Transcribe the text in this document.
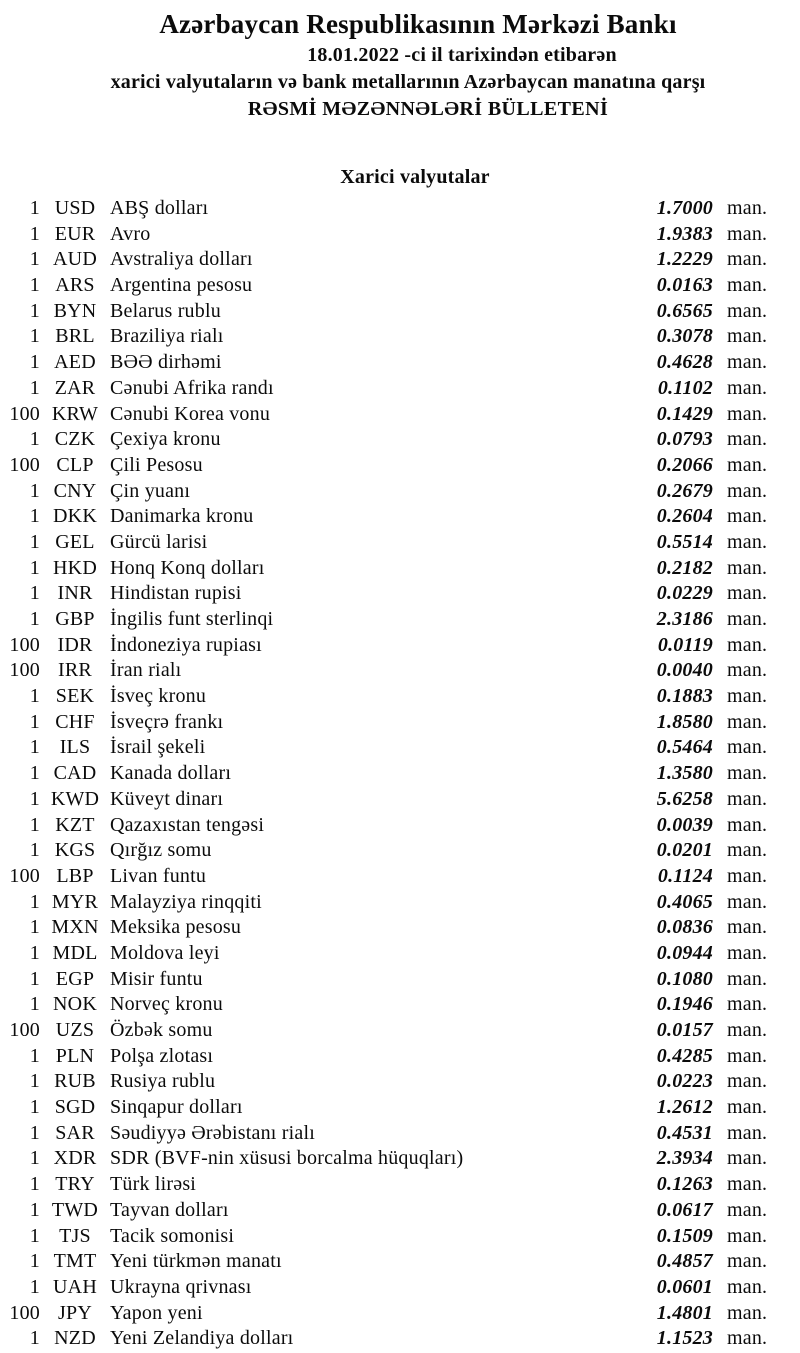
Azərbaycan Respublikasının Mərkəzi Bankı
18.01.2022 -ci il tarixindən etibarən
xarici valyutaların və bank metallarının Azərbaycan manatına qarşı
RƏSMİ MƏZƏNNƏLƏRİ BÜLLETENİ
Xarici valyutalar
1 USD ABŞ dolları	1.7000 man.
1 EUR Avro	1.9383 man.
1 AUD Avstraliya dolları	1.2229 man.
1 ARS Argentina pesosu	0.0163 man.
1 BYN Belarus rublu	0.6565 man.
1 BRL Braziliya rialı	0.3078 man.
1 AED BƏƏ dirhəmi	0.4628 man.
1 ZAR Cənubi Afrika randı	0.1102 man.
100 KRW Cənubi Korea vonu	0.1429 man.
1 CZK Çexiya kronu	0.0793 man.
100 CLP Çili Pesosu	0.2066 man.
1 CNY Çin yuanı	0.2679 man.
1 DKK Danimarka kronu	0.2604 man.
1 GEL Gürcü larisi	0.5514 man.
1 HKD Honq Konq dolları	0.2182 man.
1 INR Hindistan rupisi	0.0229 man.
1 GBP İngilis funt sterlinqi	2.3186 man.
100 IDR İndoneziya rupiası	0.0119 man.
100 IRR İran rialı	0.0040 man.
1 SEK İsveç kronu	0.1883 man.
1 CHF İsveçrə frankı	1.8580 man.
1 ILS İsrail şekeli	0.5464 man.
1 CAD Kanada dolları	1.3580 man.
1 KWD Küveyt dinarı	5.6258 man.
1 KZT Qazaxıstan tengəsi	0.0039 man.
1 KGS Qırğız somu	0.0201 man.
100 LBP Livan funtu	0.1124 man.
1 MYR Malayziya rinqqiti	0.4065 man.
1 MXN Meksika pesosu	0.0836 man.
1 MDL Moldova leyi	0.0944 man.
1 EGP Misir funtu	0.1080 man.
1 NOK Norveç kronu	0.1946 man.
100 UZS Özbək somu	0.0157 man.
1 PLN Polşa zlotası	0.4285 man.
1 RUB Rusiya rublu	0.0223 man.
1 SGD Sinqapur dolları	1.2612 man.
1 SAR Səudiyyə Ərəbistanı rialı	0.4531 man.
1 XDR SDR (BVF-nin xüsusi borcalma hüquqları)	2.3934 man.
1 TRY Türk lirəsi	0.1263 man.
1 TWD Tayvan dolları	0.0617 man.
1 TJS Tacik somonisi	0.1509 man.
1 TMT Yeni türkmən manatı	0.4857 man.
1 UAH Ukrayna qrivnası	0.0601 man.
100 JPY Yapon yeni	1.4801 man.
1 NZD Yeni Zelandiya dolları	1.1523 man.
